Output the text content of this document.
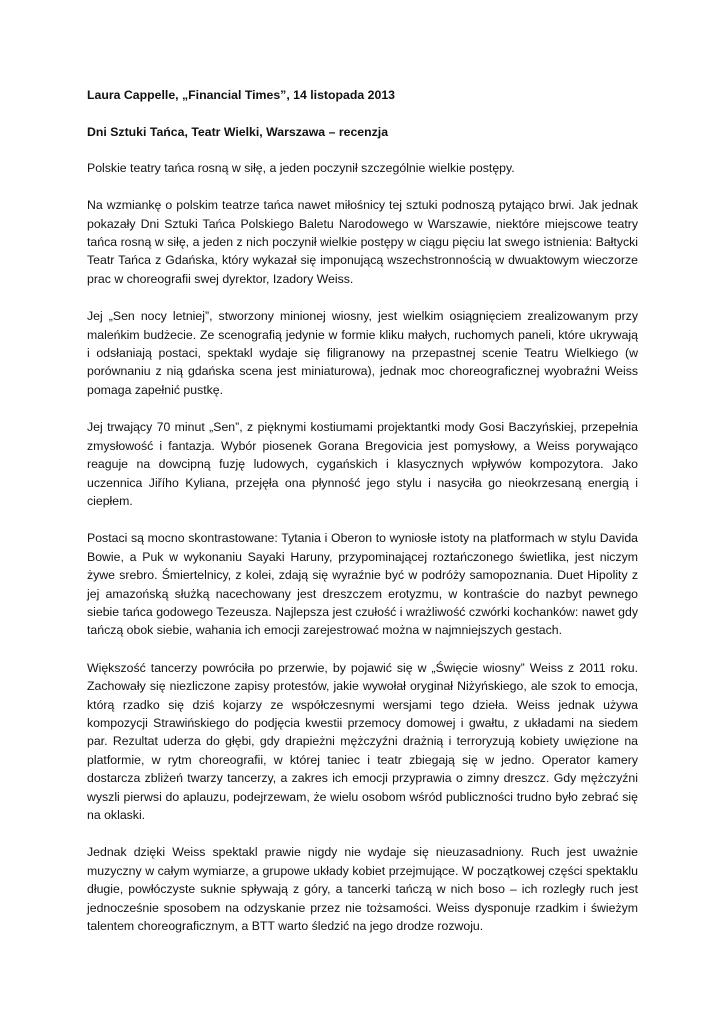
Laura Cappelle, „Financial Times”, 14 listopada 2013

Dni Sztuki Tańca, Teatr Wielki, Warszawa – recenzja

Polskie teatry tańca rosną w siłę, a jeden poczynił szczególnie wielkie postępy.

Na wzmiankę o polskim teatrze tańca nawet miłośnicy tej sztuki podnoszą pytająco brwi. Jak jednak pokazały Dni Sztuki Tańca Polskiego Baletu Narodowego w Warszawie, niektóre miejscowe teatry tańca rosną w siłę, a jeden z nich poczynił wielkie postępy w ciągu pięciu lat swego istnienia: Bałtycki Teatr Tańca z Gdańska, który wykazał się imponującą wszechstronnością w dwuaktowym wieczorze prac w choreografii swej dyrektor, Izadory Weiss.

Jej „Sen nocy letniej”, stworzony minionej wiosny, jest wielkim osiągnięciem zrealizowanym przy maleńkim budżecie. Ze scenografią jedynie w formie kliku małych, ruchomych paneli, które ukrywają i odsłaniają postaci, spektakl wydaje się filigranowy na przepastnej scenie Teatru Wielkiego (w porównaniu z nią gdańska scena jest miniaturowa), jednak moc choreograficznej wyobraźni Weiss pomaga zapełnić pustkę.

Jej trwający 70 minut „Sen”, z pięknymi kostiumami projektantki mody Gosi Baczyńskiej, przepełnia zmysłowość i fantazja. Wybór piosenek Gorana Bregovicia jest pomysłowy, a Weiss porywająco reaguje na dowcipną fuzję ludowych, cygańskich i klasycznych wpływów kompozytora. Jako uczennica Jiřího Kyliana, przejęła ona płynność jego stylu i nasyciła go nieokrzesaną energią i ciepłem.

Postaci są mocno skontrastowane: Tytania i Oberon to wyniosłe istoty na platformach w stylu Davida Bowie, a Puk w wykonaniu Sayaki Haruny, przypominającej roztańczonego świetlika, jest niczym żywe srebro. Śmiertelnicy, z kolei, zdają się wyraźnie być w podróży samopoznania. Duet Hipolity z jej amazońską służką nacechowany jest dreszczem erotyzmu, w kontraście do nazbyt pewnego siebie tańca godowego Tezeusza. Najlepsza jest czułość i wrażliwość czwórki kochanków: nawet gdy tańczą obok siebie, wahania ich emocji zarejestrować można w najmniejszych gestach.

Większość tancerzy powróciła po przerwie, by pojawić się w „Święcie wiosny” Weiss z 2011 roku. Zachowały się niezliczone zapisy protestów, jakie wywołał oryginał Niżyńskiego, ale szok to emocja, którą rzadko się dziś kojarzy ze współczesnymi wersjami tego dzieła. Weiss jednak używa kompozycji Strawińskiego do podjęcia kwestii przemocy domowej i gwałtu, z układami na siedem par. Rezultat uderza do głębi, gdy drapieżni mężczyźni drażnią i terroryzują kobiety uwięzione na platformie, w rytm choreografii, w której taniec i teatr zbiegają się w jedno. Operator kamery dostarcza zbliżeń twarzy tancerzy, a zakres ich emocji przyprawia o zimny dreszcz. Gdy mężczyźni wyszli pierwsi do aplauzu, podejrzewam, że wielu osobom wśród publiczności trudno było zebrać się na oklaski.

Jednak dzięki Weiss spektakl prawie nigdy nie wydaje się nieuzasadniony. Ruch jest uważnie muzyczny w całym wymiarze, a grupowe układy kobiet przejmujące. W początkowej części spektaklu długie, powłóczyste suknie spływają z góry, a tancerki tańczą w nich boso – ich rozległy ruch jest jednocześnie sposobem na odzyskanie przez nie tożsamości. Weiss dysponuje rzadkim i świeżym talentem choreograficznym, a BTT warto śledzić na jego drodze rozwoju.
